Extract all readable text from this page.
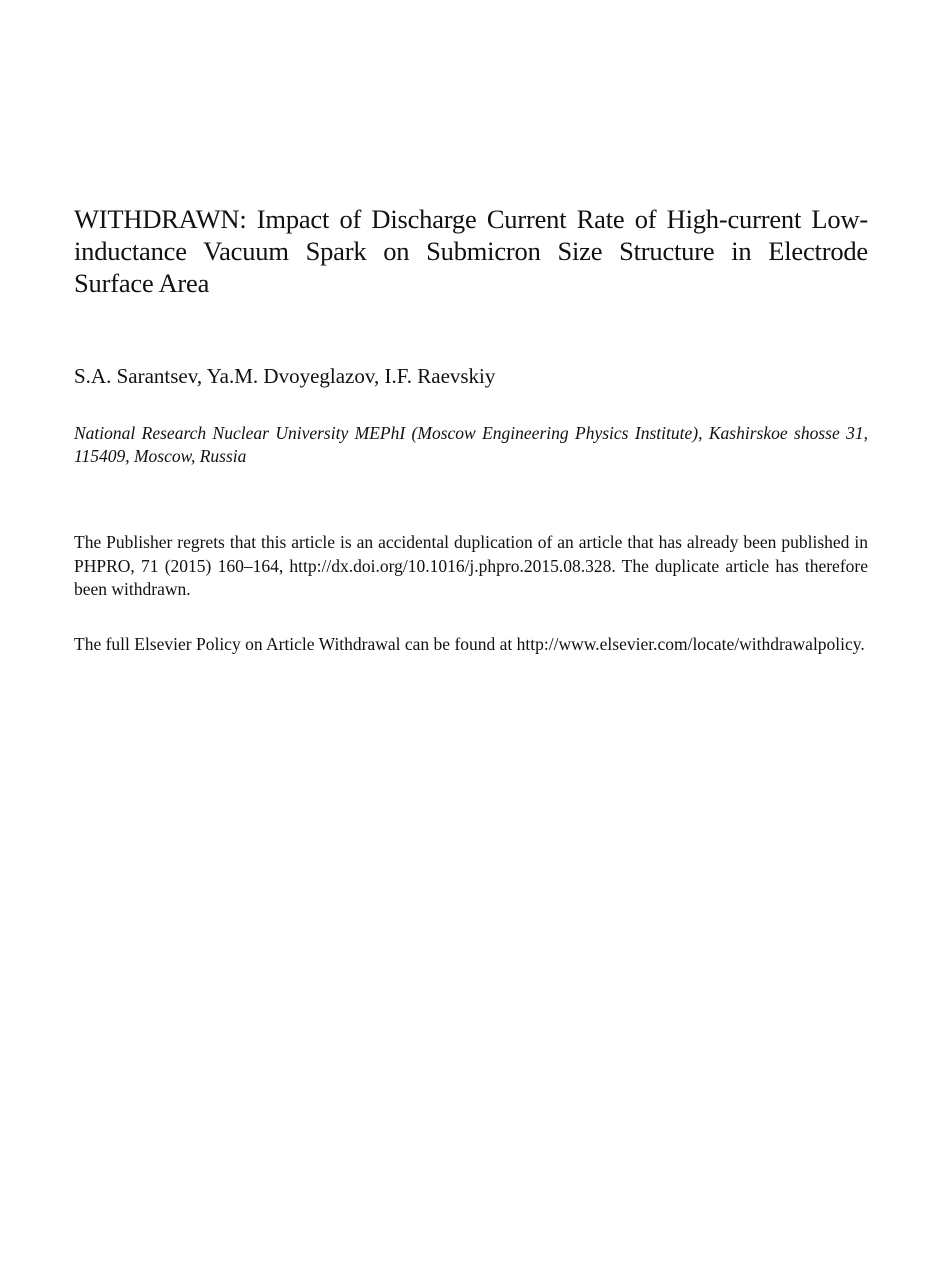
WITHDRAWN: Impact of Discharge Current Rate of High-current Low-inductance Vacuum Spark on Submicron Size Structure in Electrode Surface Area

S.A. Sarantsev, Ya.M. Dvoyeglazov, I.F. Raevskiy

National Research Nuclear University MEPhI (Moscow Engineering Physics Institute), Kashirskoe shosse 31, 115409, Moscow, Russia

The Publisher regrets that this article is an accidental duplication of an article that has already been published in PHPRO, 71 (2015) 160–164, http://dx.doi.org/10.1016/j.phpro.2015.08.328. The duplicate article has therefore been withdrawn.

The full Elsevier Policy on Article Withdrawal can be found at http://www.elsevier.com/locate/withdrawalpolicy.
